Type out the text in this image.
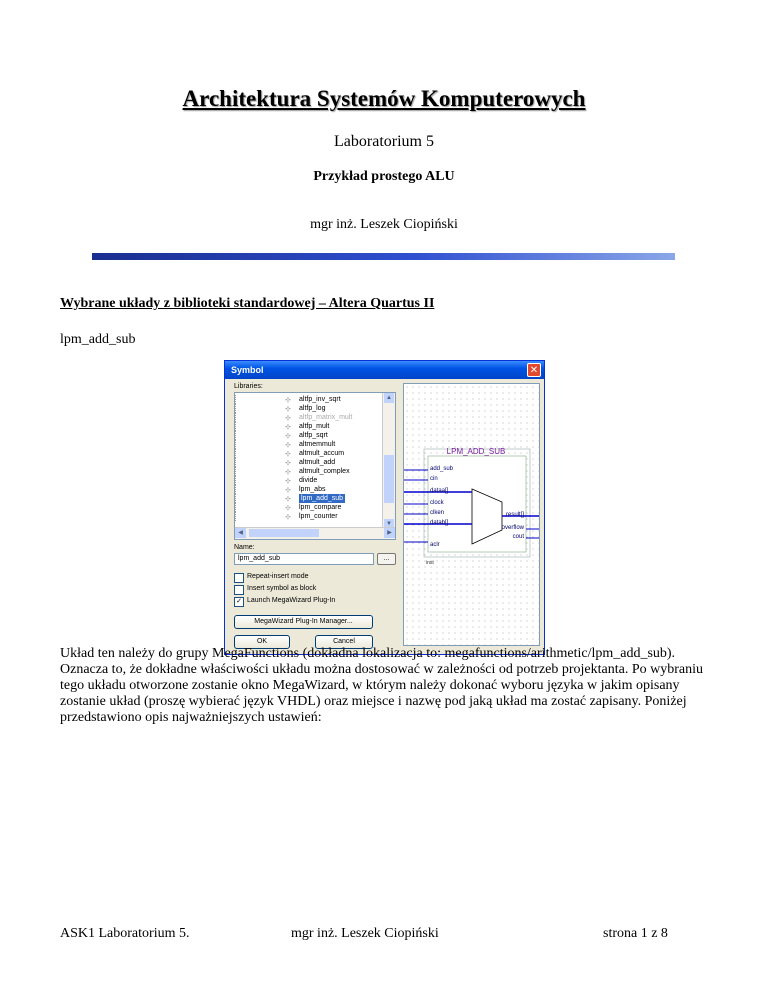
Architektura Systemów Komputerowych
Laboratorium 5
Przykład prostego ALU
mgr inż. Leszek Ciopiński
Wybrane układy z biblioteki standardowej – Altera Quartus II
lpm_add_sub
Symbol	✕
Libraries:
⊹ altfp_inv_sqrt
⊹ altfp_log
⊹ altfp_matrix_mult
⊹ altfp_mult
⊹ altfp_sqrt
⊹ altmemmult
⊹ altmult_accum
⊹ altmult_add
⊹ altmult_complex
⊹ divide
⊹ lpm_abs
⊹ lpm_add_sub
⊹ lpm_compare
⊹ lpm_counter
▲
▼
◀	▶
Name:
lpm_add_sub	...
Repeat-insert mode
Insert symbol as block
✓ Launch MegaWizard Plug-In
MegaWizard Plug-In Manager...
OK	Cancel
LPM_ADD_SUB
add_sub
cin
dataa[]
clock
clken
datab[]
aclr
result[]
overflow
cout
inst
Układ ten należy do grupy MegaFunctions (dokładna lokalizacja to: megafunctions/arithmetic/lpm_add_sub). Oznacza to, że dokładne właściwości układu można dostosować w zależności od potrzeb projektanta. Po wybraniu tego układu otworzone zostanie okno MegaWizard, w którym należy dokonać wyboru języka w jakim opisany zostanie układ (proszę wybierać język VHDL) oraz miejsce i nazwę pod jaką układ ma zostać zapisany. Poniżej przedstawiono opis najważniejszych ustawień:
ASK1 Laboratorium 5.	mgr inż. Leszek Ciopiński	strona 1 z 8
